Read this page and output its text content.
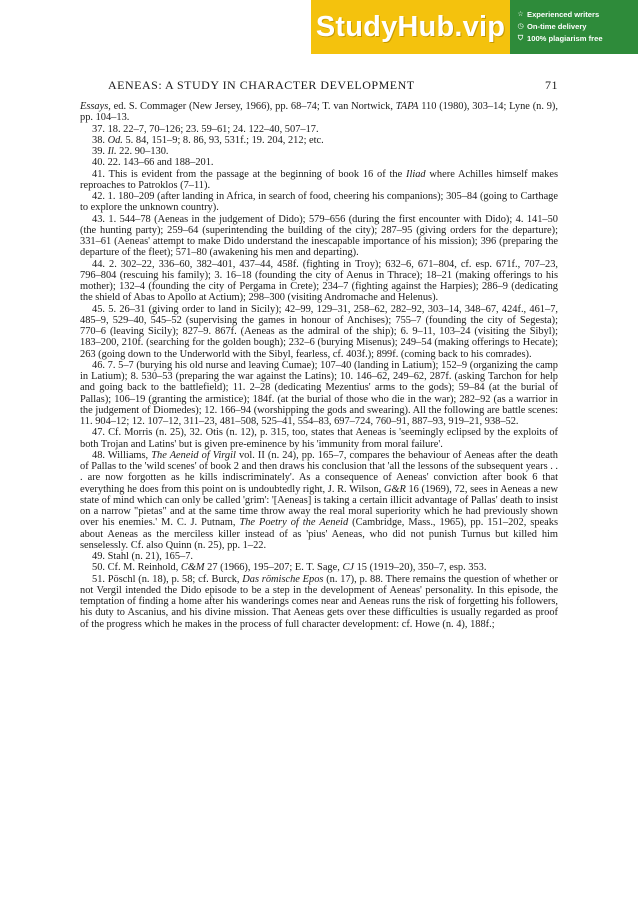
StudyHub.vip ☆ Experienced writers
◷ On-time delivery
⛉ 100% plagiarism free
AENEAS: A STUDY IN CHARACTER DEVELOPMENT	71

Essays, ed. S. Commager (New Jersey, 1966), pp. 68–74; T. van Nortwick, TAPA 110 (1980), 303–14; Lyne (n. 9), pp. 104–13.

37. 18. 22–7, 70–126; 23. 59–61; 24. 122–40, 507–17.

38. Od. 5. 84, 151–9; 8. 86, 93, 531f.; 19. 204, 212; etc.

39. Il. 22. 90–130.

40. 22. 143–66 and 188–201.

41. This is evident from the passage at the beginning of book 16 of the Iliad where Achilles himself makes reproaches to Patroklos (7–11).

42. 1. 180–209 (after landing in Africa, in search of food, cheering his companions); 305–84 (going to Carthage to explore the unknown country).

43. 1. 544–78 (Aeneas in the judgement of Dido); 579–656 (during the first encounter with Dido); 4. 141–50 (the hunting party); 259–64 (superintending the building of the city); 287–95 (giving orders for the departure); 331–61 (Aeneas' attempt to make Dido understand the inescapable importance of his mission); 396 (preparing the departure of the fleet); 571–80 (awakening his men and departing).

44. 2. 302–22, 336–60, 382–401, 437–44, 458f. (fighting in Troy); 632–6, 671–804, cf. esp. 671f., 707–23, 796–804 (rescuing his family); 3. 16–18 (founding the city of Aenus in Thrace); 18–21 (making offerings to his mother); 132–4 (founding the city of Pergama in Crete); 234–7 (fighting against the Harpies); 286–9 (dedicating the shield of Abas to Apollo at Actium); 298–300 (visiting Andromache and Helenus).

45. 5. 26–31 (giving order to land in Sicily); 42–99, 129–31, 258–62, 282–92, 303–14, 348–67, 424f., 461–7, 485–9, 529–40, 545–52 (supervising the games in honour of Anchises); 755–7 (founding the city of Segesta); 770–6 (leaving Sicily); 827–9. 867f. (Aeneas as the admiral of the ship); 6. 9–11, 103–24 (visiting the Sibyl); 183–200, 210f. (searching for the golden bough); 232–6 (burying Misenus); 249–54 (making offerings to Hecate); 263 (going down to the Underworld with the Sibyl, fearless, cf. 403f.); 899f. (coming back to his comrades).

46. 7. 5–7 (burying his old nurse and leaving Cumae); 107–40 (landing in Latium); 152–9 (organizing the camp in Latium); 8. 530–53 (preparing the war against the Latins); 10. 146–62, 249–62, 287f. (asking Tarchon for help and going back to the battlefield); 11. 2–28 (dedicating Mezentius' arms to the gods); 59–84 (at the burial of Pallas); 106–19 (granting the armistice); 184f. (at the burial of those who die in the war); 282–92 (as a warrior in the judgement of Diomedes); 12. 166–94 (worshipping the gods and swearing). All the following are battle scenes: 11. 904–12; 12. 107–12, 311–23, 481–508, 525–41, 554–83, 697–724, 760–91, 887–93, 919–21, 938–52.

47. Cf. Morris (n. 25), 32. Otis (n. 12), p. 315, too, states that Aeneas is 'seemingly eclipsed by the exploits of both Trojan and Latins' but is given pre-eminence by his 'immunity from moral failure'.

48. Williams, The Aeneid of Virgil vol. II (n. 24), pp. 165–7, compares the behaviour of Aeneas after the death of Pallas to the 'wild scenes' of book 2 and then draws his conclusion that 'all the lessons of the subsequent years . . . are now forgotten as he kills indiscriminately'. As a consequence of Aeneas' conviction after book 6 that everything he does from this point on is undoubtedly right, J. R. Wilson, G&R 16 (1969), 72, sees in Aeneas a new state of mind which can only be called 'grim': '[Aeneas] is taking a certain illicit advantage of Pallas' death to insist on a narrow "pietas" and at the same time throw away the real moral superiority which he had previously shown over his enemies.' M. C. J. Putnam, The Poetry of the Aeneid (Cambridge, Mass., 1965), pp. 151–202, speaks about Aeneas as the merciless killer instead of as 'pius' Aeneas, who did not punish Turnus but killed him senselessly. Cf. also Quinn (n. 25), pp. 1–22.

49. Stahl (n. 21), 165–7.

50. Cf. M. Reinhold, C&M 27 (1966), 195–207; E. T. Sage, CJ 15 (1919–20), 350–7, esp. 353.

51. Pöschl (n. 18), p. 58; cf. Burck, Das römische Epos (n. 17), p. 88. There remains the question of whether or not Vergil intended the Dido episode to be a step in the development of Aeneas' personality. In this episode, the temptation of finding a home after his wanderings comes near and Aeneas runs the risk of forgetting his followers, his duty to Ascanius, and his divine mission. That Aeneas gets over these difficulties is usually regarded as proof of the progress which he makes in the process of full character development: cf. Howe (n. 4), 188f.;
